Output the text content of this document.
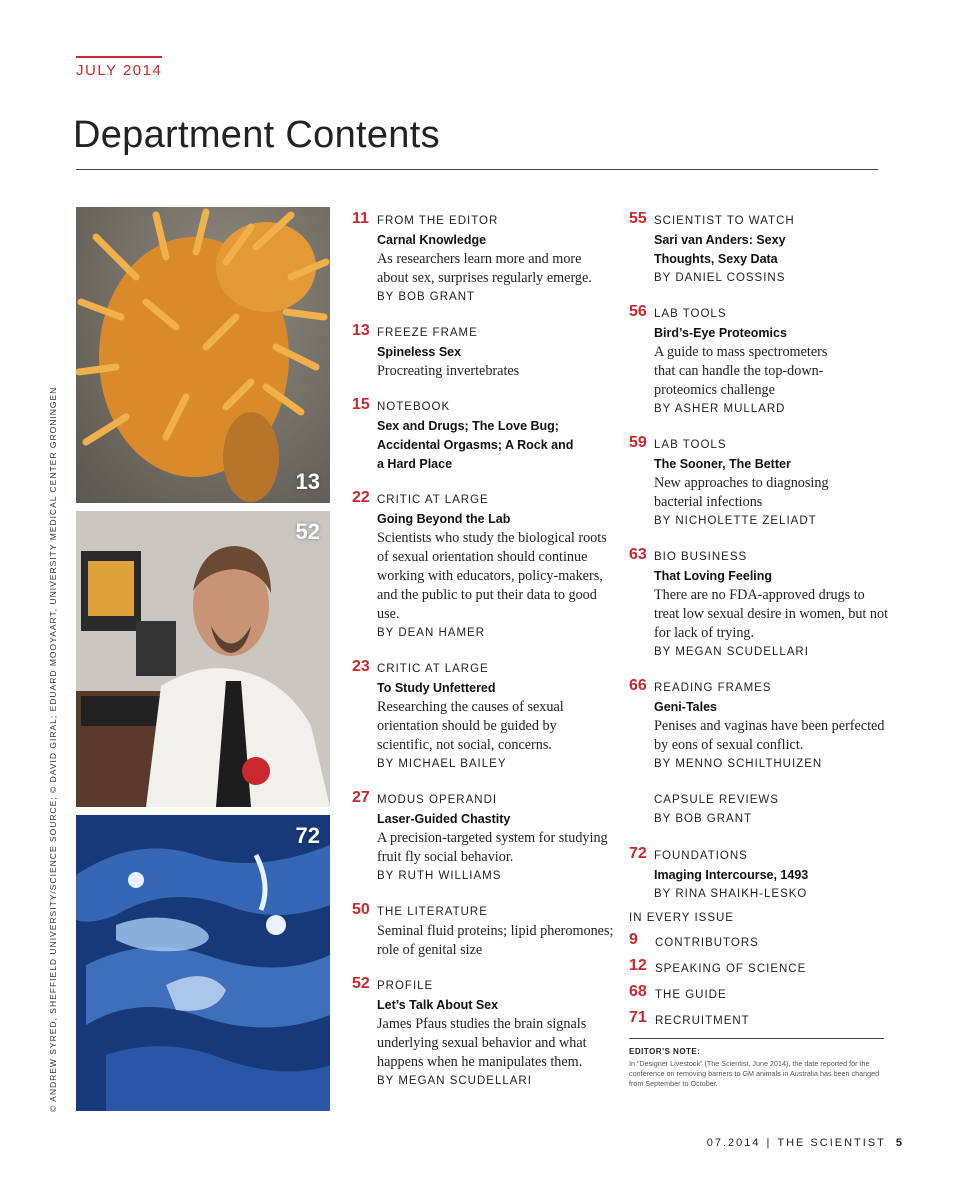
JULY 2014
Department Contents
© ANDREW SYRED, SHEFFIELD UNIVERSITY/SCIENCE SOURCE; © DAVID GIRAL; EDUARD MOOYAART, UNIVERSITY MEDICAL CENTER GRONINGEN	13
52
72
11 FROM THE EDITOR
Carnal Knowledge
As researchers learn more and more about sex, surprises regularly emerge.
BY BOB GRANT
13 FREEZE FRAME
Spineless Sex
Procreating invertebrates
15 NOTEBOOK
Sex and Drugs; The Love Bug; Accidental Orgasms; A Rock and a Hard Place
22 CRITIC AT LARGE
Going Beyond the Lab
Scientists who study the biological roots of sexual orientation should continue working with educators, policy-makers, and the public to put their data to good use.
BY DEAN HAMER
23 CRITIC AT LARGE
To Study Unfettered
Researching the causes of sexual orientation should be guided by scientific, not social, concerns.
BY MICHAEL BAILEY
27 MODUS OPERANDI
Laser-Guided Chastity
A precision-targeted system for studying fruit fly social behavior.
BY RUTH WILLIAMS
50 THE LITERATURE
Seminal fluid proteins; lipid pheromones; role of genital size
52 PROFILE
Let’s Talk About Sex
James Pfaus studies the brain signals underlying sexual behavior and what happens when he manipulates them.
BY MEGAN SCUDELLARI
55 SCIENTIST TO WATCH
Sari van Anders: Sexy Thoughts, Sexy Data
BY DANIEL COSSINS
56 LAB TOOLS
Bird’s-Eye Proteomics
A guide to mass spectrometers that can handle the top-down-proteomics challenge
BY ASHER MULLARD
59 LAB TOOLS
The Sooner, The Better
New approaches to diagnosing bacterial infections
BY NICHOLETTE ZELIADT
63 BIO BUSINESS
That Loving Feeling
There are no FDA-approved drugs to treat low sexual desire in women, but not for lack of trying.
BY MEGAN SCUDELLARI
66 READING FRAMES
Geni-Tales
Penises and vaginas have been perfected by eons of sexual conflict.
BY MENNO SCHILTHUIZEN
CAPSULE REVIEWS
BY BOB GRANT
72 FOUNDATIONS
Imaging Intercourse, 1493
BY RINA SHAIKH-LESKO
IN EVERY ISSUE
9 CONTRIBUTORS
12 SPEAKING OF SCIENCE
68 THE GUIDE
71 RECRUITMENT
EDITOR'S NOTE:
In “Designer Livestock” (The Scientist, June 2014), the date reported for the conference on removing barriers to GM animals in Australia has been changed from September to October.
07.2014 | THE SCIENTIST 5
